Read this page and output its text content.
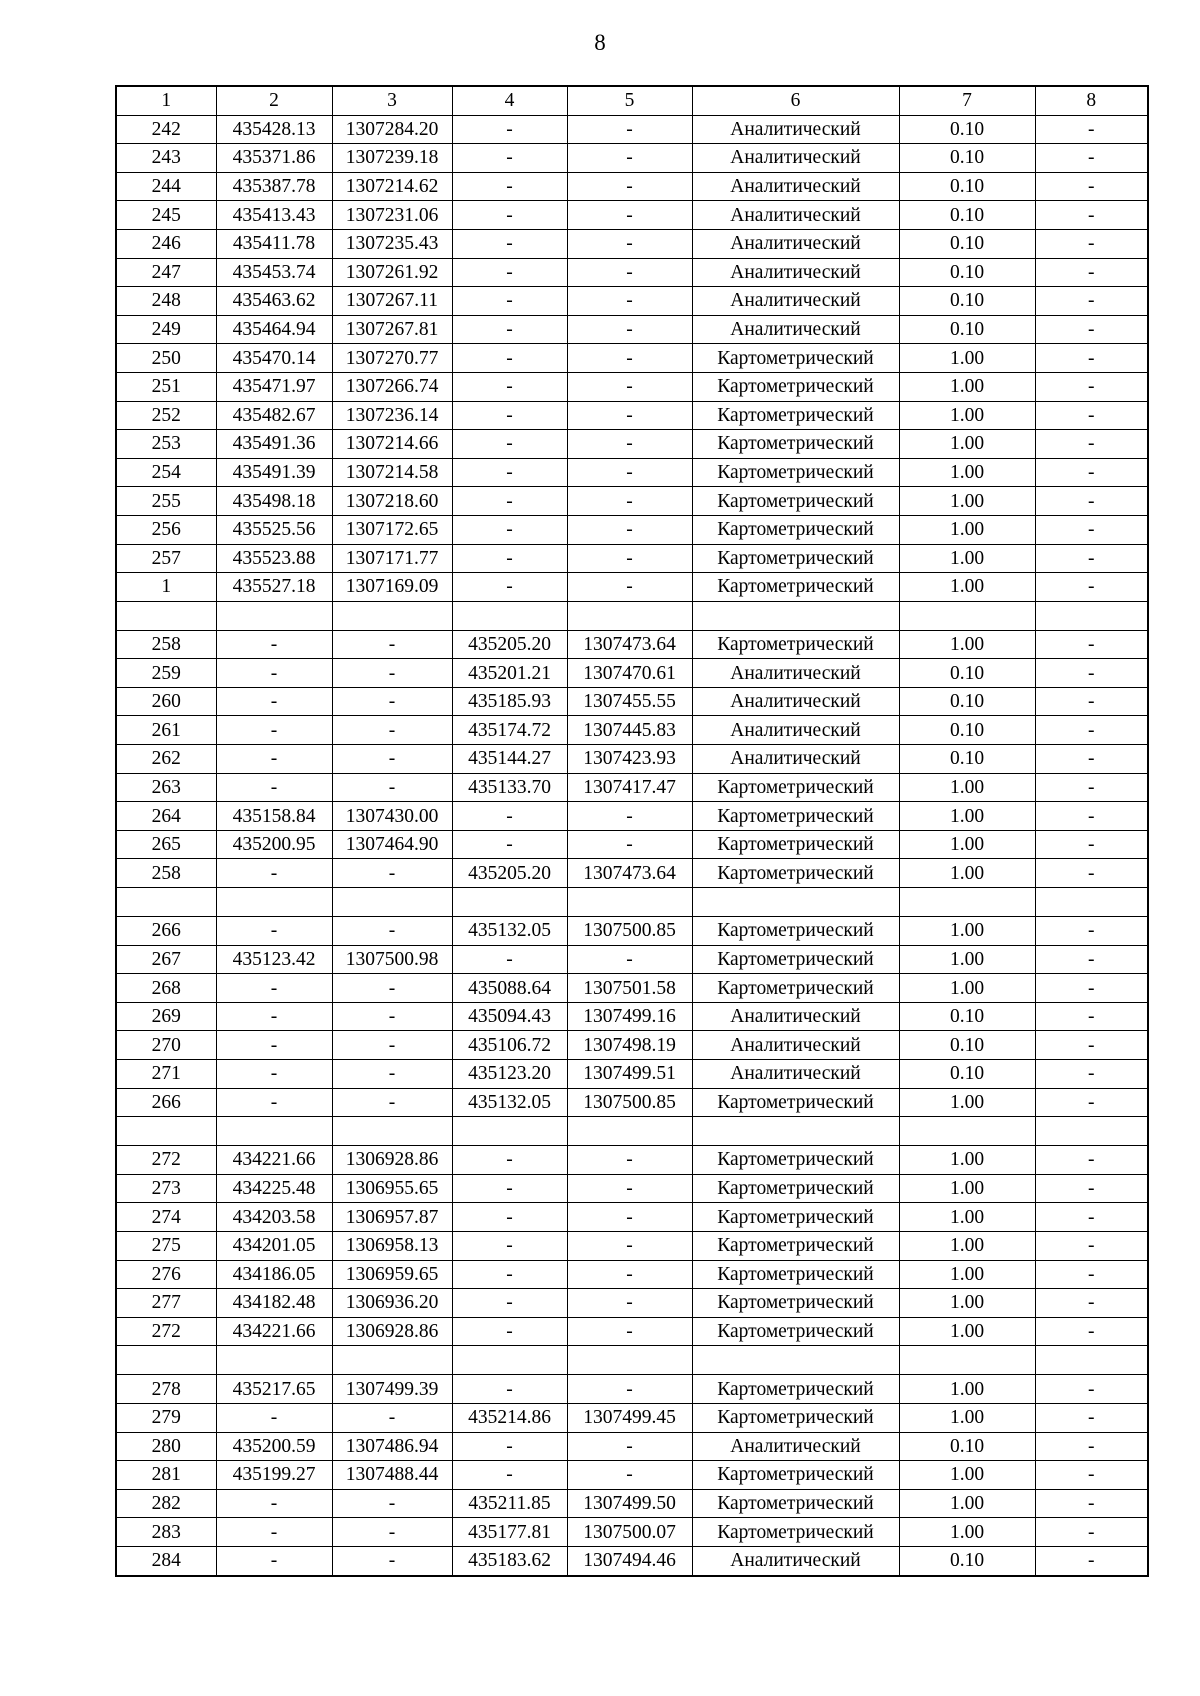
8
1	2	3	4	5	6	7	8
242	435428.13	1307284.20	-	-	Аналитический	0.10	-
243	435371.86	1307239.18	-	-	Аналитический	0.10	-
244	435387.78	1307214.62	-	-	Аналитический	0.10	-
245	435413.43	1307231.06	-	-	Аналитический	0.10	-
246	435411.78	1307235.43	-	-	Аналитический	0.10	-
247	435453.74	1307261.92	-	-	Аналитический	0.10	-
248	435463.62	1307267.11	-	-	Аналитический	0.10	-
249	435464.94	1307267.81	-	-	Аналитический	0.10	-
250	435470.14	1307270.77	-	-	Картометрический	1.00	-
251	435471.97	1307266.74	-	-	Картометрический	1.00	-
252	435482.67	1307236.14	-	-	Картометрический	1.00	-
253	435491.36	1307214.66	-	-	Картометрический	1.00	-
254	435491.39	1307214.58	-	-	Картометрический	1.00	-
255	435498.18	1307218.60	-	-	Картометрический	1.00	-
256	435525.56	1307172.65	-	-	Картометрический	1.00	-
257	435523.88	1307171.77	-	-	Картометрический	1.00	-
1	435527.18	1307169.09	-	-	Картометрический	1.00	-

258	-	-	435205.20	1307473.64	Картометрический	1.00	-
259	-	-	435201.21	1307470.61	Аналитический	0.10	-
260	-	-	435185.93	1307455.55	Аналитический	0.10	-
261	-	-	435174.72	1307445.83	Аналитический	0.10	-
262	-	-	435144.27	1307423.93	Аналитический	0.10	-
263	-	-	435133.70	1307417.47	Картометрический	1.00	-
264	435158.84	1307430.00	-	-	Картометрический	1.00	-
265	435200.95	1307464.90	-	-	Картометрический	1.00	-
258	-	-	435205.20	1307473.64	Картометрический	1.00	-

266	-	-	435132.05	1307500.85	Картометрический	1.00	-
267	435123.42	1307500.98	-	-	Картометрический	1.00	-
268	-	-	435088.64	1307501.58	Картометрический	1.00	-
269	-	-	435094.43	1307499.16	Аналитический	0.10	-
270	-	-	435106.72	1307498.19	Аналитический	0.10	-
271	-	-	435123.20	1307499.51	Аналитический	0.10	-
266	-	-	435132.05	1307500.85	Картометрический	1.00	-

272	434221.66	1306928.86	-	-	Картометрический	1.00	-
273	434225.48	1306955.65	-	-	Картометрический	1.00	-
274	434203.58	1306957.87	-	-	Картометрический	1.00	-
275	434201.05	1306958.13	-	-	Картометрический	1.00	-
276	434186.05	1306959.65	-	-	Картометрический	1.00	-
277	434182.48	1306936.20	-	-	Картометрический	1.00	-
272	434221.66	1306928.86	-	-	Картометрический	1.00	-

278	435217.65	1307499.39	-	-	Картометрический	1.00	-
279	-	-	435214.86	1307499.45	Картометрический	1.00	-
280	435200.59	1307486.94	-	-	Аналитический	0.10	-
281	435199.27	1307488.44	-	-	Картометрический	1.00	-
282	-	-	435211.85	1307499.50	Картометрический	1.00	-
283	-	-	435177.81	1307500.07	Картометрический	1.00	-
284	-	-	435183.62	1307494.46	Аналитический	0.10	-
